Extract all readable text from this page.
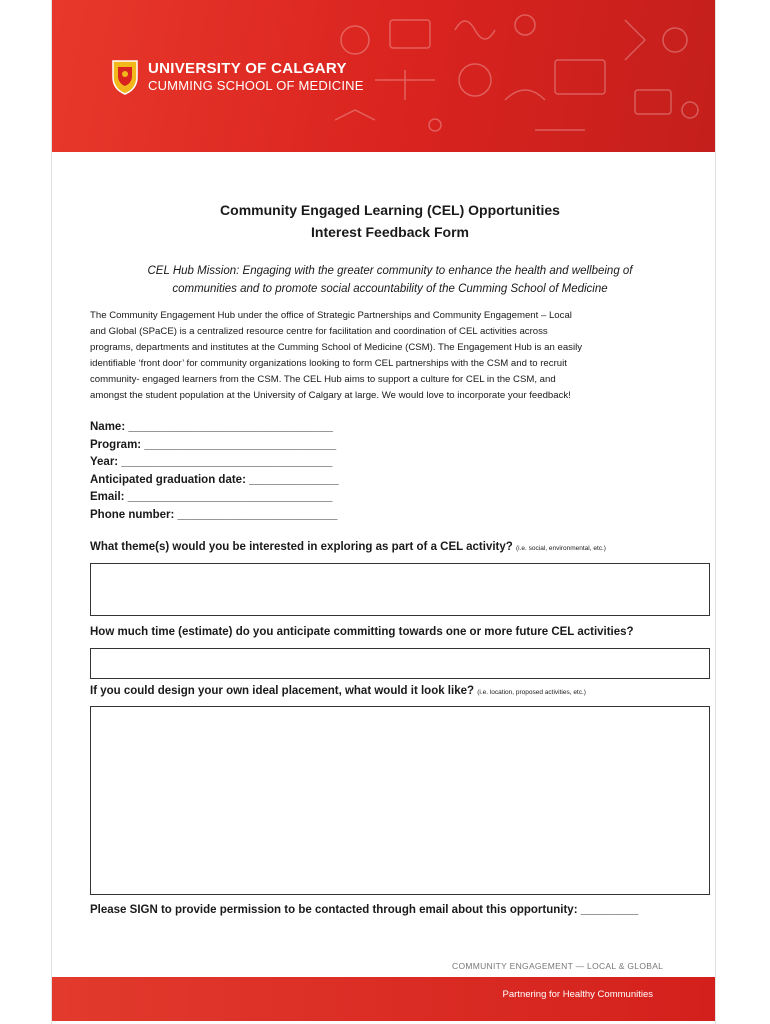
UNIVERSITY OF CALGARY
CUMMING SCHOOL OF MEDICINE
Community Engaged Learning (CEL) Opportunities
Interest Feedback Form
CEL Hub Mission: Engaging with the greater community to enhance the health and wellbeing of
communities and to promote social accountability of the Cumming School of Medicine
The Community Engagement Hub under the office of Strategic Partnerships and Community Engagement – Local
and Global (SPaCE) is a centralized resource centre for facilitation and coordination of CEL activities across
programs, departments and institutes at the Cumming School of Medicine (CSM). The Engagement Hub is an easily
identifiable ‘front door’ for community organizations looking to form CEL partnerships with the CSM and to recruit
community- engaged learners from the CSM. The CEL Hub aims to support a culture for CEL in the CSM, and
amongst the student population at the University of Calgary at large. We would love to incorporate your feedback!
Name: ________________________________
Program: ______________________________
Year: _________________________________
Anticipated graduation date: ______________
Email: ________________________________
Phone number: _________________________
What theme(s) would you be interested in exploring as part of a CEL activity? (i.e. social, environmental, etc.)
How much time (estimate) do you anticipate committing towards one or more future CEL activities?
If you could design your own ideal placement, what would it look like? (i.e. location, proposed activities, etc.)
Please SIGN to provide permission to be contacted through email about this opportunity: _________
COMMUNITY ENGAGEMENT — LOCAL & GLOBAL
Partnering for Healthy Communities
